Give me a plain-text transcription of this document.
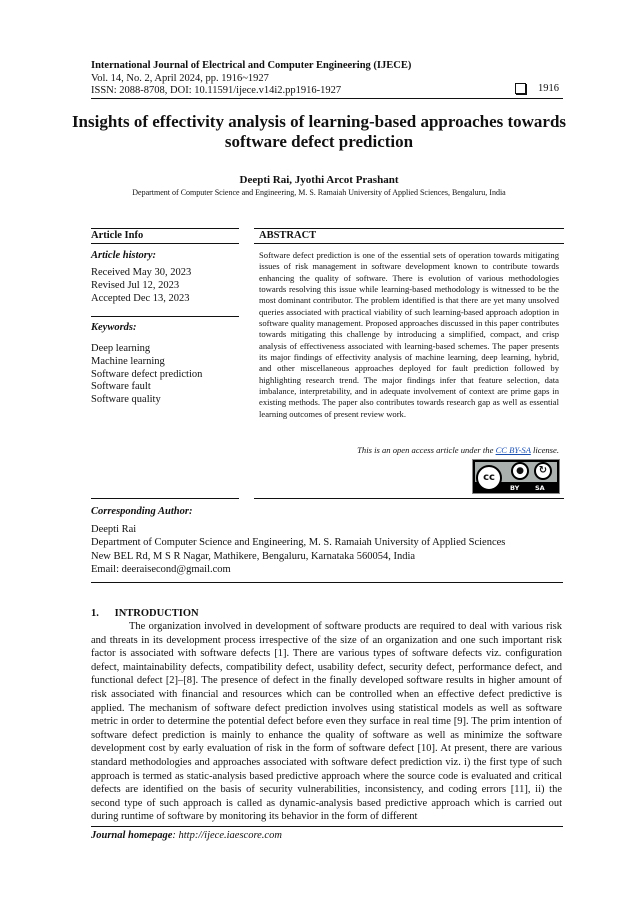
International Journal of Electrical and Computer Engineering (IJECE)
Vol. 14, No. 2, April 2024, pp. 1916~1927
ISSN: 2088-8708, DOI: 10.11591/ijece.v14i2.pp1916-1927	1916
Insights of effectivity analysis of learning-based approaches towards software defect prediction
Deepti Rai, Jyothi Arcot Prashant
Department of Computer Science and Engineering, M. S. Ramaiah University of Applied Sciences, Bengaluru, India
Article Info
Article history:
Received May 30, 2023
Revised Jul 12, 2023
Accepted Dec 13, 2023
Keywords:
Deep learning
Machine learning
Software defect prediction
Software fault
Software quality
ABSTRACT
Software defect prediction is one of the essential sets of operation towards mitigating issues of risk management in software development known to contribute towards enhancing the quality of software. There is evolution of various methodologies towards resolving this issue while learning-based methodology is witnessed to be the most dominant contributor. The problem identified is that there are yet many unsolved queries associated with practical viability of such learning-based approach adoption in software quality management. Proposed approaches discussed in this paper contributes towards mitigating this challenge by introducing a simplified, compact, and crisp analysis of effectiveness associated with learning-based schemes. The paper presents its major findings of effectivity analysis of machine learning, deep learning, hybrid, and other miscellaneous approaches deployed for fault prediction followed by highlighting research trend. The major findings infer that feature selection, data imbalance, interpretability, and in adequate involvement of context are prime gaps in existing methods. The paper also contributes towards research gap as well as essential learning outcomes of present review work.
This is an open access article under the CC BY-SA license.
cc
●	↻
BY SA
Corresponding Author:
Deepti Rai
Department of Computer Science and Engineering, M. S. Ramaiah University of Applied Sciences
New BEL Rd, M S R Nagar, Mathikere, Bengaluru, Karnataka 560054, India
Email: deeraisecond@gmail.com
1.      INTRODUCTION

The organization involved in development of software products are required to deal with various risk and threats in its development process irrespective of the size of an organization and one such important risk factor is associated with software defects [1]. There are various types of software defects viz. configuration defect, maintainability defects, compatibility defect, usability defect, security defect, performance defect, and functional defect [2]–[8]. The presence of defect in the finally developed software results in higher amount of risk associated with financial and resources which can be controlled when an effective defect predictive is applied. The mechanism of software defect prediction involves using statistical models as well as software metric in order to determine the potential defect before even they surface in real time [9]. The prim intention of software defect prediction is mainly to enhance the quality of software as well as minimize the software development cost by early evaluation of risk in the form of software defect [10]. At present, there are various standard methodologies and approaches associated with software defect prediction viz. i) the first type of such approach is termed as static-analysis based predictive approach where the source code is evaluated and critical defects are identified on the basis of security vulnerabilities, inconsistency, and coding errors [11], ii) the second type of such approach is called as dynamic-analysis based predictive approach which is carried out during runtime of software by monitoring its behavior in the form of different

Journal homepage: http://ijece.iaescore.com
